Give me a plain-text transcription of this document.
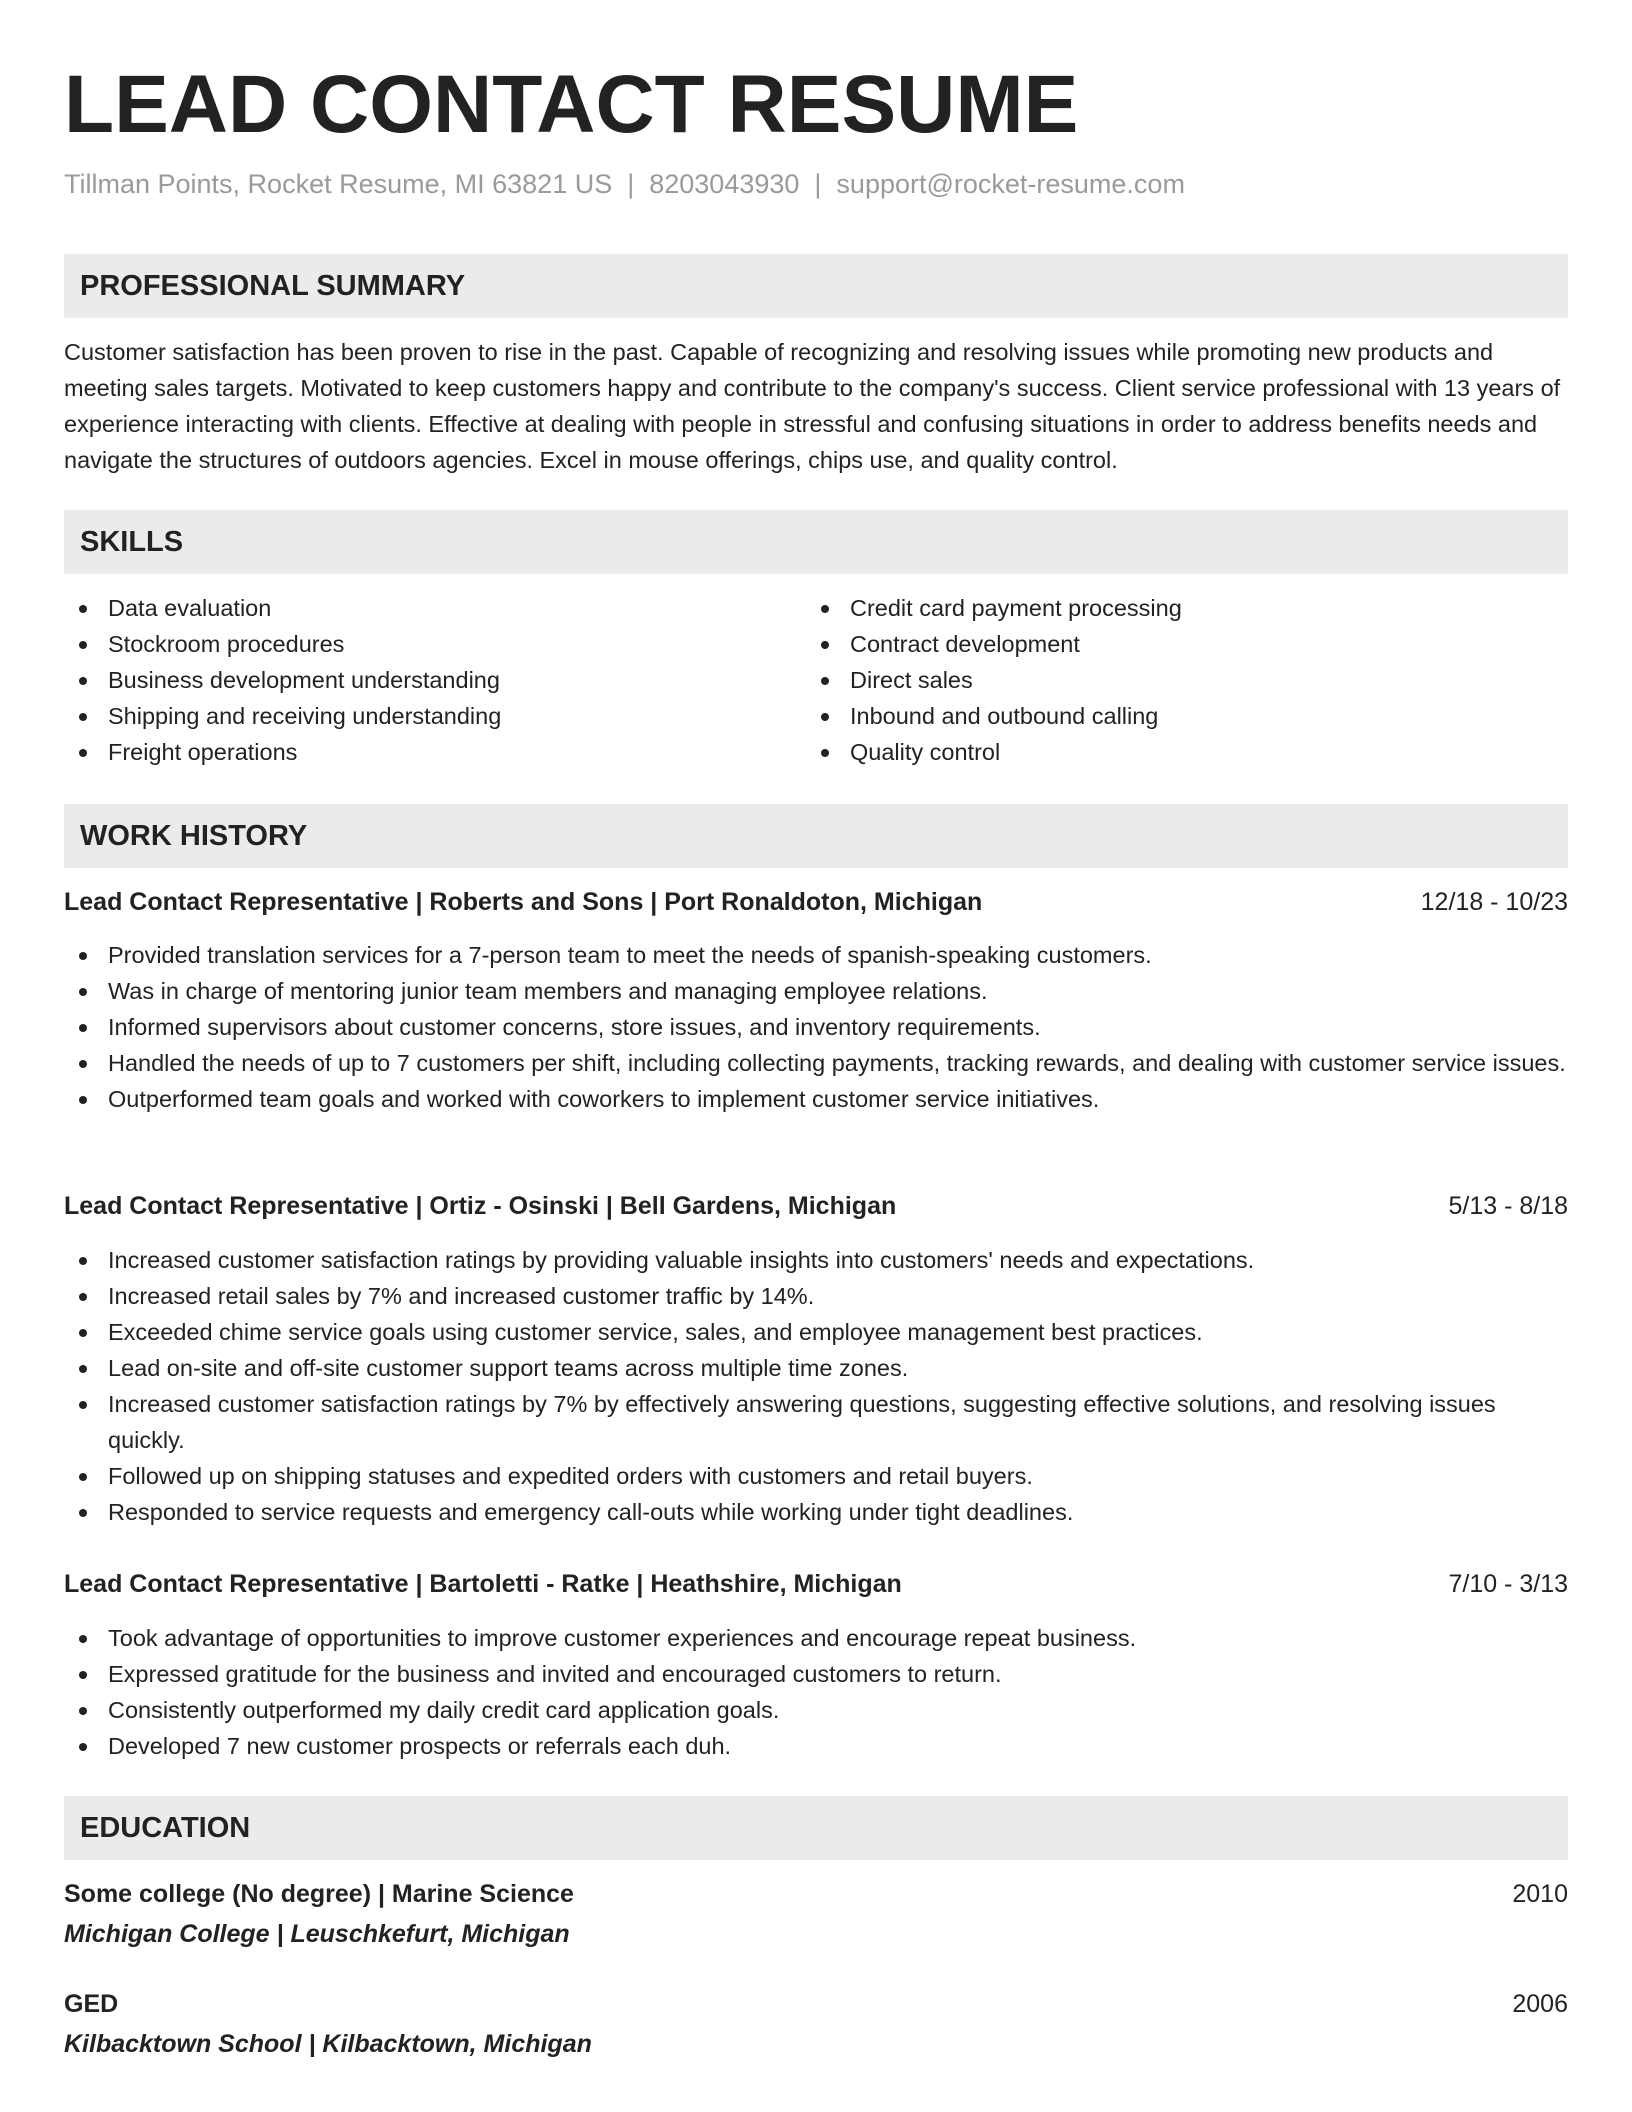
LEAD CONTACT RESUME
Tillman Points, Rocket Resume, MI 63821 US | 8203043930 | support@rocket-resume.com
PROFESSIONAL SUMMARY

Customer satisfaction has been proven to rise in the past. Capable of recognizing and resolving issues while promoting new products and meeting sales targets. Motivated to keep customers happy and contribute to the company's success. Client service professional with 13 years of experience interacting with clients. Effective at dealing with people in stressful and confusing situations in order to address benefits needs and navigate the structures of outdoors agencies. Excel in mouse offerings, chips use, and quality control.

SKILLS
Data evaluation
Stockroom procedures
Business development understanding
Shipping and receiving understanding
Freight operations
Credit card payment processing
Contract development
Direct sales
Inbound and outbound calling
Quality control
WORK HISTORY
Lead Contact Representative | Roberts and Sons | Port Ronaldoton, Michigan	12/18 - 10/23
Provided translation services for a 7-person team to meet the needs of spanish-speaking customers.
Was in charge of mentoring junior team members and managing employee relations.
Informed supervisors about customer concerns, store issues, and inventory requirements.
Handled the needs of up to 7 customers per shift, including collecting payments, tracking rewards, and dealing with customer service issues.
Outperformed team goals and worked with coworkers to implement customer service initiatives.
Lead Contact Representative | Ortiz - Osinski | Bell Gardens, Michigan	5/13 - 8/18
Increased customer satisfaction ratings by providing valuable insights into customers' needs and expectations.
Increased retail sales by 7% and increased customer traffic by 14%.
Exceeded chime service goals using customer service, sales, and employee management best practices.
Lead on-site and off-site customer support teams across multiple time zones.
Increased customer satisfaction ratings by 7% by effectively answering questions, suggesting effective solutions, and resolving issues quickly.
Followed up on shipping statuses and expedited orders with customers and retail buyers.
Responded to service requests and emergency call-outs while working under tight deadlines.
Lead Contact Representative | Bartoletti - Ratke | Heathshire, Michigan	7/10 - 3/13
Took advantage of opportunities to improve customer experiences and encourage repeat business.
Expressed gratitude for the business and invited and encouraged customers to return.
Consistently outperformed my daily credit card application goals.
Developed 7 new customer prospects or referrals each duh.
EDUCATION
Some college (No degree) | Marine Science	2010
Michigan College | Leuschkefurt, Michigan
GED	2006
Kilbacktown School | Kilbacktown, Michigan
